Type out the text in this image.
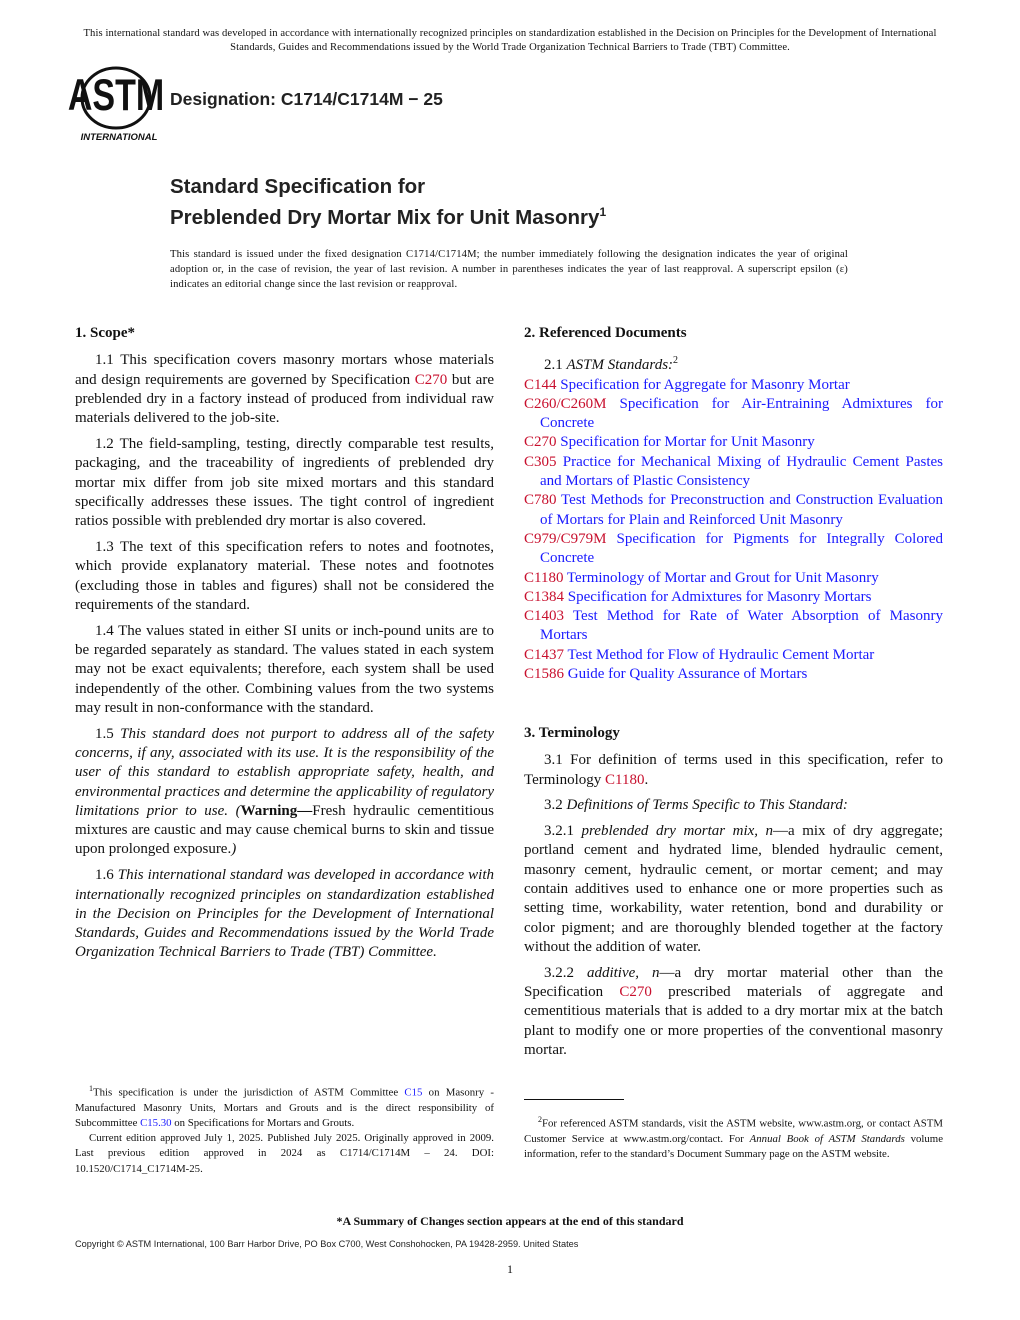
This international standard was developed in accordance with internationally recognized principles on standardization established in the Decision on Principles for the Development of International Standards, Guides and Recommendations issued by the World Trade Organization Technical Barriers to Trade (TBT) Committee.
ASTM
INTERNATIONAL
Designation: C1714/C1714M − 25
Standard Specification for
Preblended Dry Mortar Mix for Unit Masonry$^1$
This standard is issued under the fixed designation C1714/C1714M; the number immediately following the designation indicates the year of original adoption or, in the case of revision, the year of last revision. A number in parentheses indicates the year of last reapproval. A superscript epsilon (ε) indicates an editorial change since the last revision or reapproval.
1. Scope*

1.1 This specification covers masonry mortars whose materials and design requirements are governed by Specification C270 but are preblended dry in a factory instead of produced from individual raw materials delivered to the job-site.

1.2 The field-sampling, testing, directly comparable test results, packaging, and the traceability of ingredients of preblended dry mortar mix differ from job site mixed mortars and this standard specifically addresses these issues. The tight control of ingredient ratios possible with preblended dry mortar is also covered.

1.3 The text of this specification refers to notes and footnotes, which provide explanatory material. These notes and footnotes (excluding those in tables and figures) shall not be considered the requirements of the standard.

1.4 The values stated in either SI units or inch-pound units are to be regarded separately as standard. The values stated in each system may not be exact equivalents; therefore, each system shall be used independently of the other. Combining values from the two systems may result in non-conformance with the standard.

1.5 This standard does not purport to address all of the safety concerns, if any, associated with its use. It is the responsibility of the user of this standard to establish appropriate safety, health, and environmental practices and determine the applicability of regulatory limitations prior to use. (Warning—Fresh hydraulic cementitious mixtures are caustic and may cause chemical burns to skin and tissue upon prolonged exposure.)

1.6 This international standard was developed in accordance with internationally recognized principles on standardization established in the Decision on Principles for the Development of International Standards, Guides and Recommendations issued by the World Trade Organization Technical Barriers to Trade (TBT) Committee.

$^1$This specification is under the jurisdiction of ASTM Committee C15 on Masonry - Manufactured Masonry Units, Mortars and Grouts and is the direct responsibility of Subcommittee C15.30 on Specifications for Mortars and Grouts.

Current edition approved July 1, 2025. Published July 2025. Originally approved in 2009. Last previous edition approved in 2024 as C1714/C1714M – 24. DOI: 10.1520/C1714_C1714M-25.

2. Referenced Documents

2.1 ASTM Standards:$^2$

C144 Specification for Aggregate for Masonry Mortar

C260/C260M Specification for Air-Entraining Admixtures for Concrete

C270 Specification for Mortar for Unit Masonry

C305 Practice for Mechanical Mixing of Hydraulic Cement Pastes and Mortars of Plastic Consistency

C780 Test Methods for Preconstruction and Construction Evaluation of Mortars for Plain and Reinforced Unit Masonry

C979/C979M Specification for Pigments for Integrally Colored Concrete

C1180 Terminology of Mortar and Grout for Unit Masonry

C1384 Specification for Admixtures for Masonry Mortars

C1403 Test Method for Rate of Water Absorption of Masonry Mortars

C1437 Test Method for Flow of Hydraulic Cement Mortar

C1586 Guide for Quality Assurance of Mortars

3. Terminology

3.1 For definition of terms used in this specification, refer to Terminology C1180.

3.2 Definitions of Terms Specific to This Standard:

3.2.1 preblended dry mortar mix, n—a mix of dry aggregate; portland cement and hydrated lime, blended hydraulic cement, masonry cement, hydraulic cement, or mortar cement; and may contain additives used to enhance one or more properties such as setting time, workability, water retention, bond and durability or color pigment; and are thoroughly blended together at the factory without the addition of water.

3.2.2 additive, n—a dry mortar material other than the Specification C270 prescribed materials of aggregate and cementitious materials that is added to a dry mortar mix at the batch plant to modify one or more properties of the conventional masonry mortar.

$^2$For referenced ASTM standards, visit the ASTM website, www.astm.org, or contact ASTM Customer Service at www.astm.org/contact. For Annual Book of ASTM Standards volume information, refer to the standard’s Document Summary page on the ASTM website.

*A Summary of Changes section appears at the end of this standard
Copyright © ASTM International, 100 Barr Harbor Drive, PO Box C700, West Conshohocken, PA 19428-2959. United States
1
